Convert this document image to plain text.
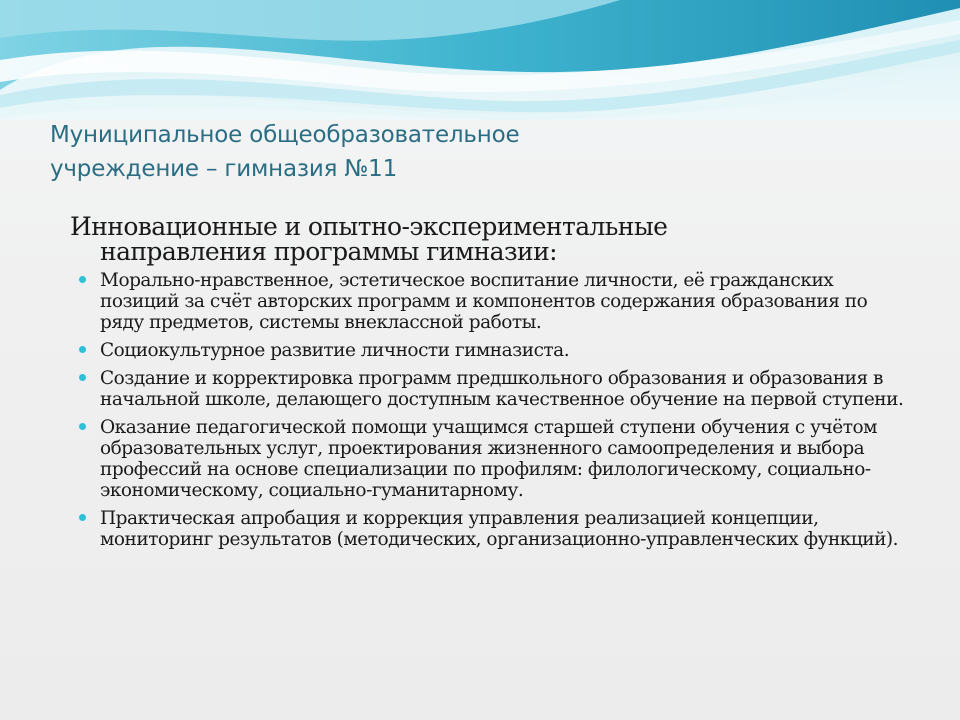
Муниципальное общеобразовательное
учреждение – гимназия №11
Инновационные и опытно-экспериментальные
направления программы гимназии:
Морально-нравственное, эстетическое воспитание личности, её гражданских позиций за счёт авторских программ и компонентов содержания образования по ряду предметов, системы внеклассной работы.
Социокультурное развитие личности гимназиста.
Создание и корректировка программ предшкольного образования и образования в начальной школе, делающего доступным качественное обучение на первой ступени.
Оказание педагогической помощи учащимся старшей ступени обучения с учётом образовательных услуг, проектирования жизненного самоопределения и выбора профессий на основе специализации по профилям: филологическому, социально-экономическому, социально-гуманитарному.
Практическая апробация и коррекция управления реализацией концепции, мониторинг результатов (методических, организационно-управленческих функций).
